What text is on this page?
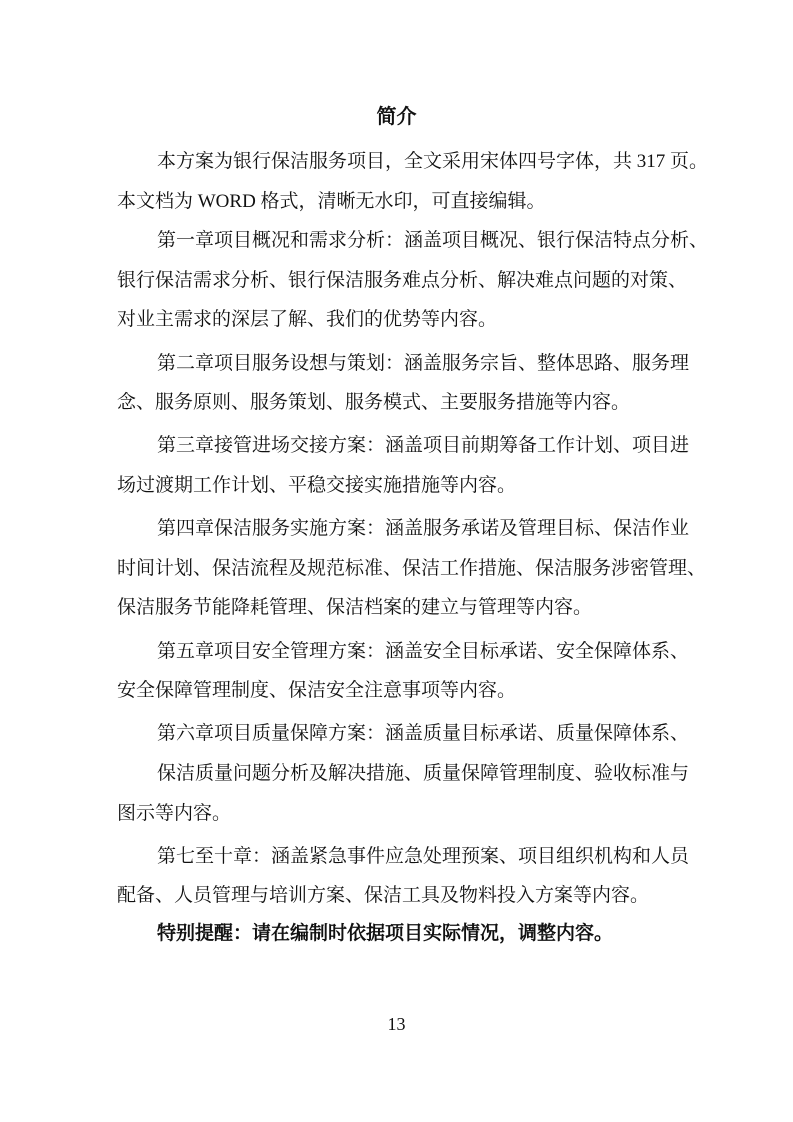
简介
本方案为银行保洁服务项目，全文采用宋体四号字体，共 317 页。
本文档为 WORD 格式，清晰无水印，可直接编辑。
第一章项目概况和需求分析：涵盖项目概况、银行保洁特点分析、
银行保洁需求分析、银行保洁服务难点分析、解决难点问题的对策、
对业主需求的深层了解、我们的优势等内容。
第二章项目服务设想与策划：涵盖服务宗旨、整体思路、服务理
念、服务原则、服务策划、服务模式、主要服务措施等内容。
第三章接管进场交接方案：涵盖项目前期筹备工作计划、项目进
场过渡期工作计划、平稳交接实施措施等内容。
第四章保洁服务实施方案：涵盖服务承诺及管理目标、保洁作业
时间计划、保洁流程及规范标准、保洁工作措施、保洁服务涉密管理、
保洁服务节能降耗管理、保洁档案的建立与管理等内容。
第五章项目安全管理方案：涵盖安全目标承诺、安全保障体系、
安全保障管理制度、保洁安全注意事项等内容。
第六章项目质量保障方案：涵盖质量目标承诺、质量保障体系、
保洁质量问题分析及解决措施、质量保障管理制度、验收标准与
图示等内容。
第七至十章：涵盖紧急事件应急处理预案、项目组织机构和人员
配备、人员管理与培训方案、保洁工具及物料投入方案等内容。
特别提醒：请在编制时依据项目实际情况，调整内容。
13
